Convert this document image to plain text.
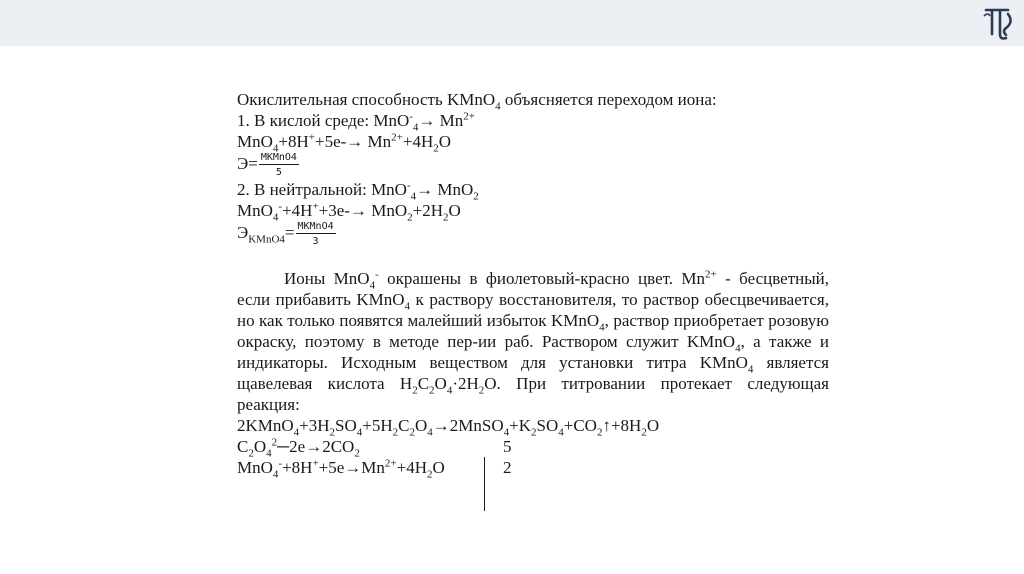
Окислительная способность KMnO$_4$ объясняется переходом иона:
1. В кислой среде: $MnO^-_4\to Mn^{2+}$
$MnO_4+8H^++5e-\to Mn^{2+}+4H_2O$
$Э= \frac{\text{MKMnO4}}{5}$
2. В нейтральной: MnO-$_4$→ MnO$_2$
$MnO_4^-+4H^++3e-\to MnO_2+2H_2O$
$Э_{KMnO4}= \frac{\text{MKMnO4}}{3}$
Ионы MnO$_4$- окрашены в фиолетовый-красно цвет. $Mn^{2+}$ - бесцветный, если прибавить KMnO$_4$ к раствору восстановителя, то раствор обесцвечивается, но как только появятся малейший избыток KMnO$_4$, раствор приобретает розовую окраску, поэтому в методе пер-ии раб. Раствором служит KMnO$_4$, а также и индикаторы. Исходным веществом для установки титра KMnO$_4$ является щавелевая кислота $H_2C_2O_4\cdot 2H_2O$. При титровании протекает следующая реакция:
$2KMnO_4+3H_2SO_4+5H_2C_2O_4\to 2MnSO_4+K_2SO_4+CO_2↑+8H_2O$
$C_2O_4^2─2e\to 2CO_2$	5
$MnO_4^-+8H^++5e\to Mn^{2+}+4H_2O$	2
